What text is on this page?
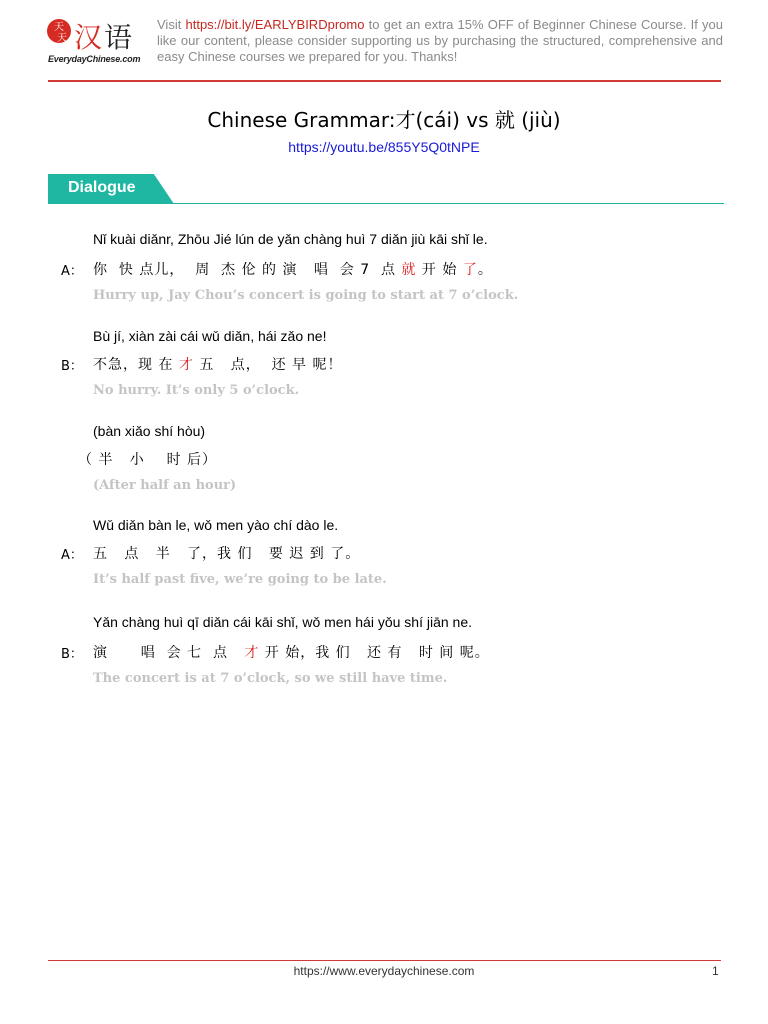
天
天 汉 语
EverydayChinese.com
Visit https://bit.ly/EARLYBIRDpromo to get an extra 15% OFF of Beginner Chinese Course. If you like our content, please consider supporting us by purchasing the structured, comprehensive and easy Chinese courses we prepared for you. Thanks!
Chinese Grammar:才(cái) vs 就 (jiù)
https://youtu.be/855Y5Q0tNPE
Dialogue
Nǐ kuài diǎnr, Zhōu Jié lún de yǎn chàng huì 7 diǎn jiù kāi shǐ le.
A： 你  快 点儿，  周  杰 伦 的 演   唱  会 7  点 就 开 始 了。
Hurry up, Jay Chou’s concert is going to start at 7 o’clock.
Bù jí, xiàn zài cái wǔ diǎn, hái zǎo ne!
B： 不急，现 在 才 五   点，  还 早 呢！
No hurry. It’s only 5 o’clock.
(bàn xiǎo shí hòu)
（ 半   小    时 后）
(After half an hour)
Wǔ diǎn bàn le, wǒ men yào chí dào le.
A： 五   点   半   了，我 们   要 迟 到 了。
It’s half past five, we’re going to be late.
Yǎn chàng huì qī diǎn cái kāi shǐ, wǒ men hái yǒu shí jiān ne.
B： 演      唱  会 七  点   才 开 始，我 们   还 有   时 间 呢。
The concert is at 7 o’clock, so we still have time.
https://www.everydaychinese.com	1
